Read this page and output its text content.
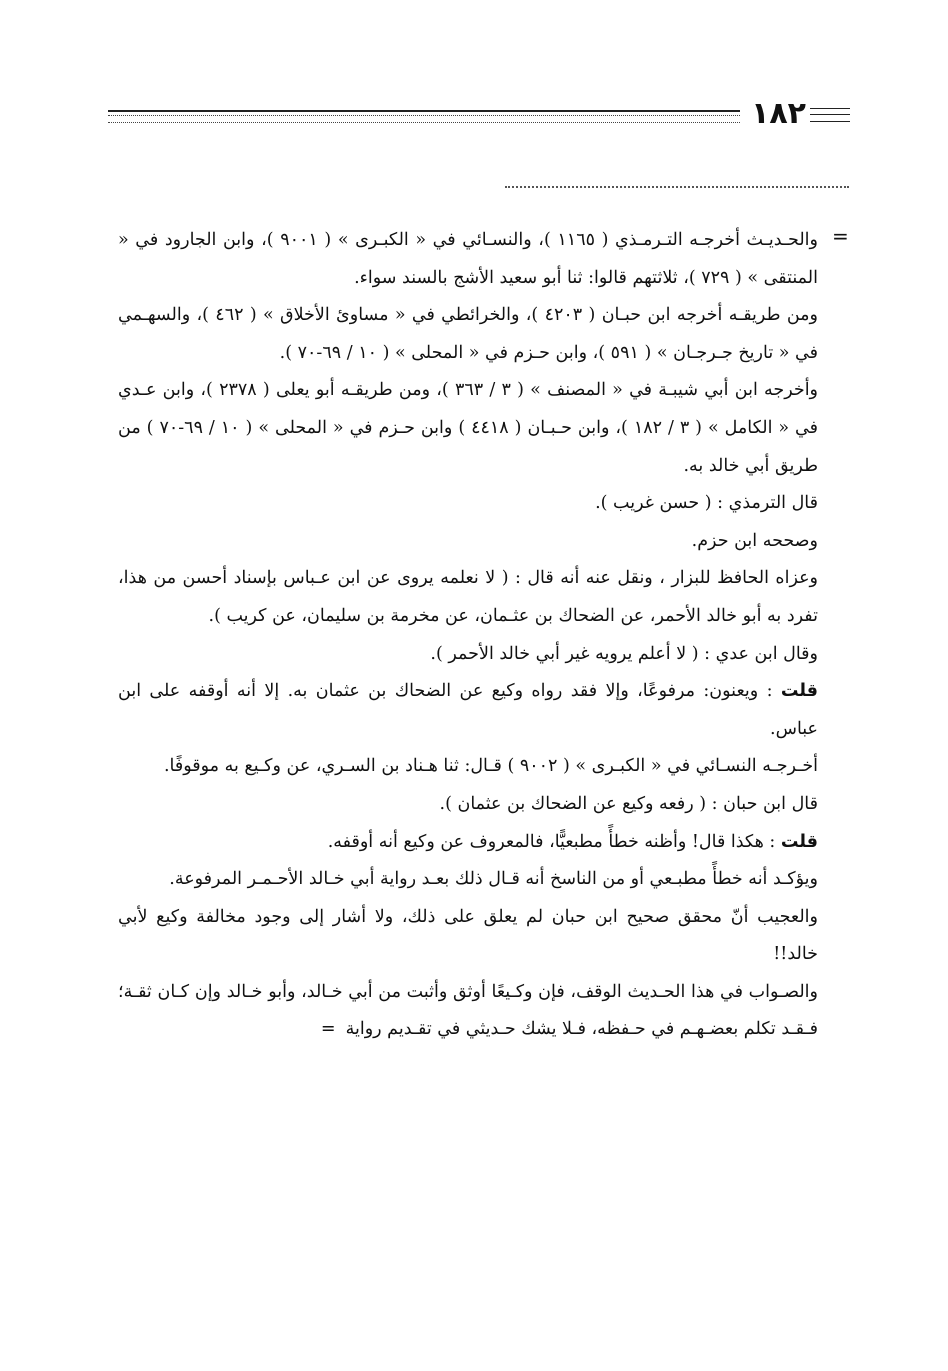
١٨٢
=

والحـديـث أخرجـه التـرمـذي ( ١١٦٥ )، والنسـائي في « الكبـرى » ( ٩٠٠١ )، وابن الجارود في « المنتقى » ( ٧٢٩ )، ثلاثتهم قالوا: ثنا أبو سعيد الأشج بالسند سواء.

ومن طريقـه أخرجه ابن حبـان ( ٤٢٠٣ )، والخرائطي في « مساوئ الأخلاق » ( ٤٦٢ )، والسهـمي في « تاريخ جـرجـان » ( ٥٩١ )، وابن حـزم في « المحلى » ( ١٠ / ٦٩-٧٠ ).

وأخرجه ابن أبي شيبـة في « المصنف » ( ٣ / ٣٦٣ )، ومن طريقـه أبو يعلى ( ٢٣٧٨ )، وابن عـدي في « الكامل » ( ٣ / ١٨٢ )، وابن حـبـان ( ٤٤١٨ ) وابن حـزم في « المحلى » ( ١٠ / ٦٩-٧٠ ) من طريق أبي خالد به.

قال الترمذي : ( حسن غريب ).

وصححه ابن حزم.

وعزاه الحافظ للبزار ، ونقل عنه أنه قال : ( لا نعلمه يروى عن ابن عـباس بإسناد أحسن من هذا، تفرد به أبو خالد الأحمر، عن الضحاك بن عثـمان، عن مخرمة بن سليمان، عن كريب ).

وقال ابن عدي : ( لا أعلم يرويه غير أبي خالد الأحمر ).

قلت : ويعنون: مرفوعًا، وإلا فقد رواه وكيع عن الضحاك بن عثمان به. إلا أنه أوقفه على ابن عباس.

أخـرجـه النسـائي في « الكبـرى » ( ٩٠٠٢ ) قـال: ثنا هـناد بن السـري، عن وكـيع به موقوفًا.

قال ابن حبان : ( رفعه وكيع عن الضحاك بن عثمان ).

قلت : هكذا قال! وأظنه خطأً مطبعيًّا، فالمعروف عن وكيع أنه أوقفه.

ويؤكـد أنه خطأً مطبـعي أو من الناسخ أنه قـال ذلك بعـد رواية أبي خـالد الأحـمـر المرفوعة.

والعجيب أنّ محقق صحيح ابن حبان لم يعلق على ذلك، ولا أشار إلى وجود مخالفة وكيع لأبي خالد!!

والصـواب في هذا الحـديث الوقف، فإن وكـيعًا أوثق وأثبت من أبي خـالد، وأبو خـالد وإن كـان ثقـة؛ فـقـد تكلم بعضـهـم في حـفظه، فـلا يشك حـديثي في تقـديم رواية=
